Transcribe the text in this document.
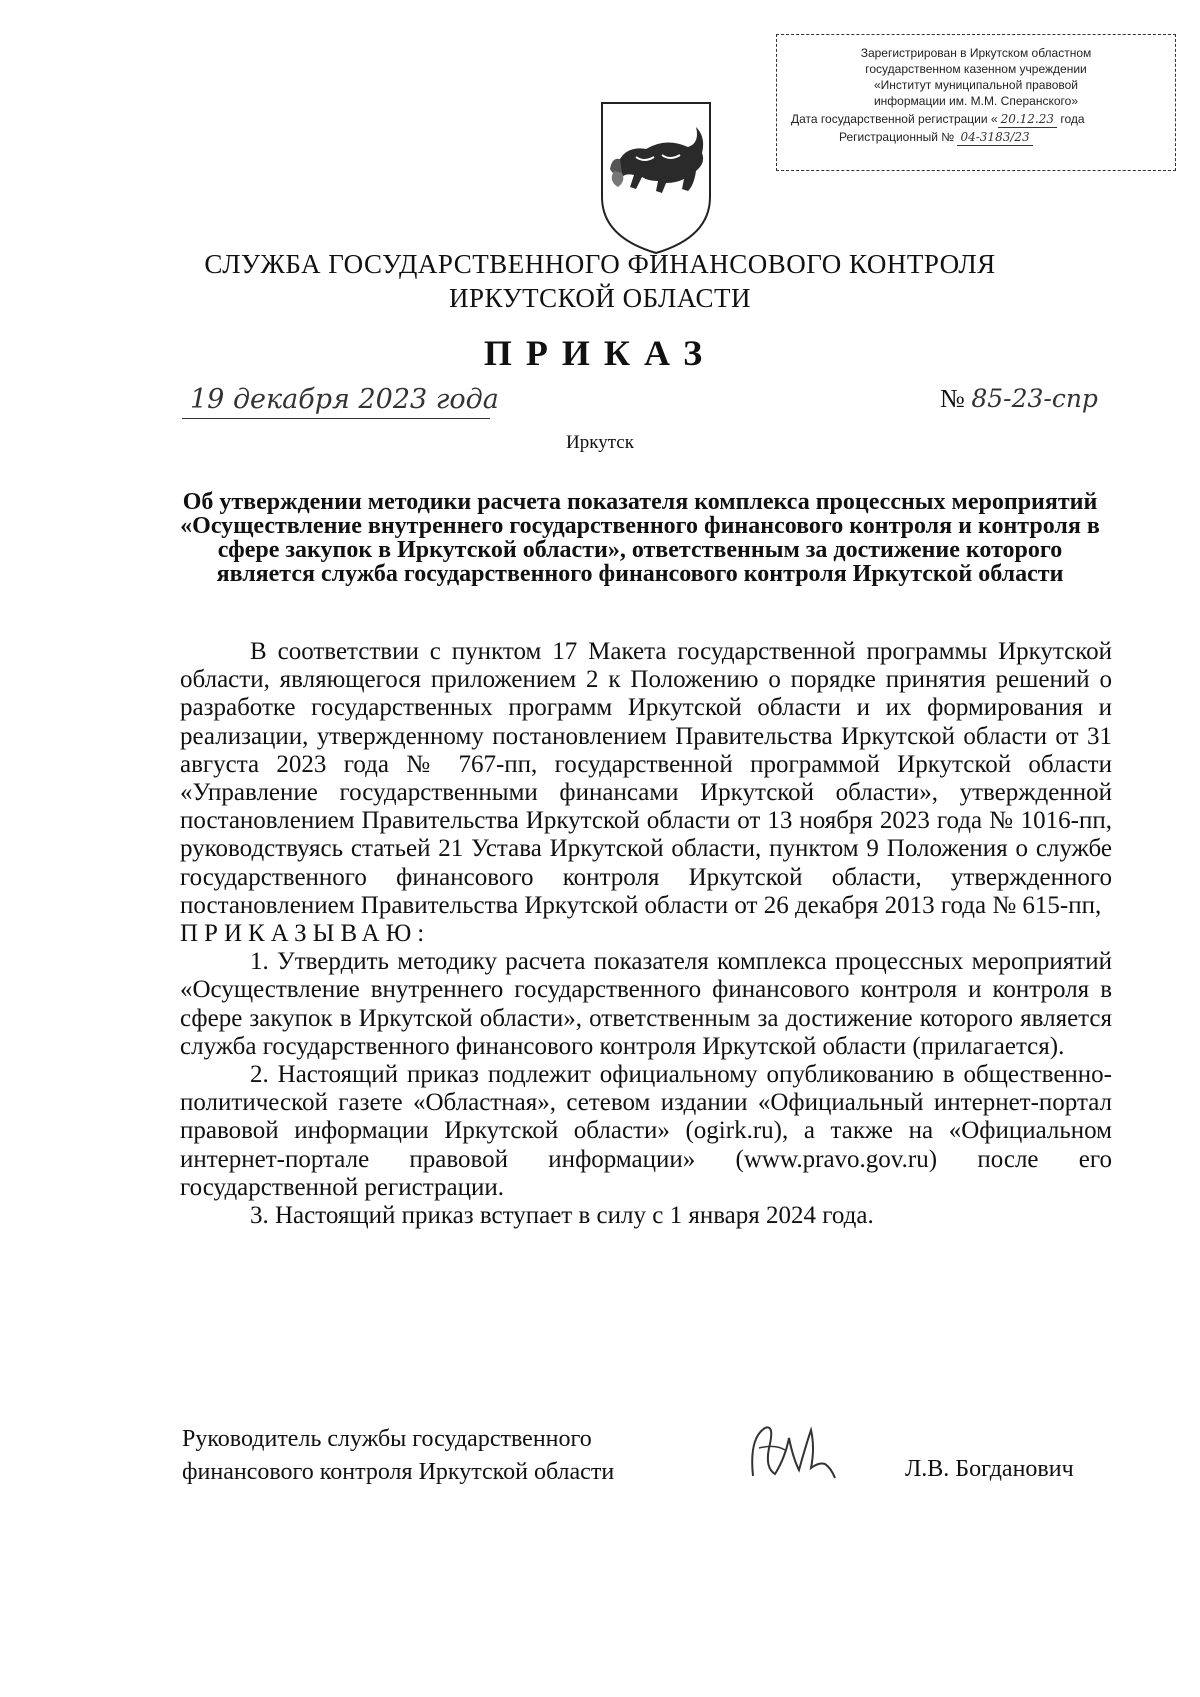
Зарегистрирован в Иркутском областном
государственном казенном учреждении
«Институт муниципальной правовой
информации им. М.М. Сперанского»
Дата государственной регистрации « 20.12.23 года
Регистрационный № 04-3183/23
СЛУЖБА ГОСУДАРСТВЕННОГО ФИНАНСОВОГО КОНТРОЛЯ
ИРКУТСКОЙ ОБЛАСТИ
ПРИКАЗ
19 декабря 2023 года	№ 85-23-спр
Иркутск
Об утверждении методики расчета показателя комплекса процессных мероприятий «Осуществление внутреннего государственного финансового контроля и контроля в сфере закупок в Иркутской области», ответственным за достижение которого является служба государственного финансового контроля Иркутской области

В соответствии с пунктом 17 Макета государственной программы Иркутской области, являющегося приложением 2 к Положению о порядке принятия решений о разработке государственных программ Иркутской области и их формирования и реализации, утвержденному постановлением Правительства Иркутской области от 31 августа 2023 года № 767-пп, государственной программой Иркутской области «Управление государственными финансами Иркутской области», утвержденной постановлением Правительства Иркутской области от 13 ноября 2023 года № 1016-пп, руководствуясь статьей 21 Устава Иркутской области, пунктом 9 Положения о службе государственного финансового контроля Иркутской области, утвержденного постановлением Правительства Иркутской области от 26 декабря 2013 года № 615-пп,

ПРИКАЗЫВАЮ:

1. Утвердить методику расчета показателя комплекса процессных мероприятий «Осуществление внутреннего государственного финансового контроля и контроля в сфере закупок в Иркутской области», ответственным за достижение которого является служба государственного финансового контроля Иркутской области (прилагается).

2. Настоящий приказ подлежит официальному опубликованию в общественно-политической газете «Областная», сетевом издании «Официальный интернет-портал правовой информации Иркутской области» (ogirk.ru), а также на «Официальном интернет-портале правовой информации» (www.pravo.gov.ru) после его государственной регистрации.

3. Настоящий приказ вступает в силу с 1 января 2024 года.

Руководитель службы государственного
финансового контроля Иркутской области	Л.В. Богданович
